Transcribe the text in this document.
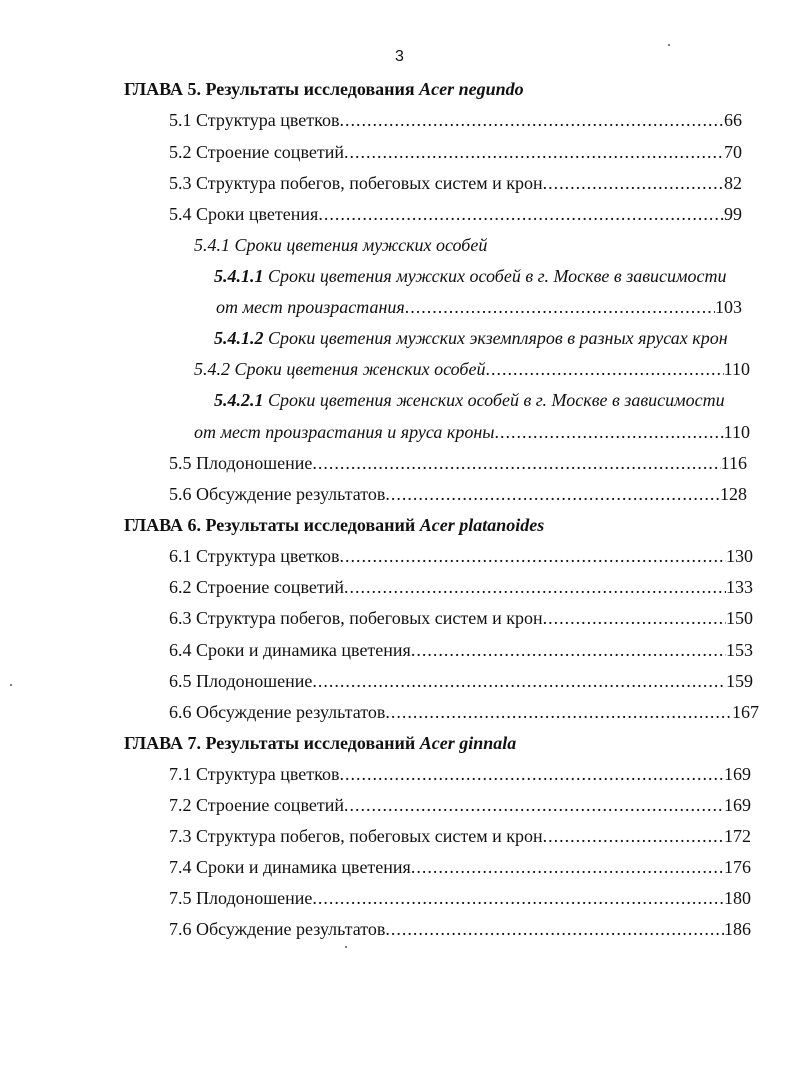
3
ГЛАВА 5. Результаты исследования Acer negundo
5.1 Структура цветков .....	66
5.2 Строение соцветий .....	70
5.3 Структура побегов, побеговых систем и крон .....	82
5.4 Сроки цветения .....	99
5.4.1 Сроки цветения мужских особей
5.4.1.1 Сроки цветения мужских особей в г. Москве в зависимости
от мест произрастания .....	103
5.4.1.2 Сроки цветения мужских экземпляров в разных ярусах крон
5.4.2 Сроки цветения женских особей .....	110
5.4.2.1 Сроки цветения женских особей в г. Москве в зависимости
от мест произрастания и яруса кроны .....	110
5.5 Плодоношение .....	116
5.6 Обсуждение результатов .....	128
ГЛАВА 6. Результаты исследований Acer platanoides
6.1 Структура цветков .....	130
6.2 Строение соцветий .....	133
6.3 Структура побегов, побеговых систем и крон .....	150
6.4 Сроки и динамика цветения .....	153
6.5 Плодоношение .....	159
6.6 Обсуждение результатов .....	167
ГЛАВА 7. Результаты исследований Acer ginnala
7.1 Структура цветков .....	169
7.2 Строение соцветий .....	169
7.3 Структура побегов, побеговых систем и крон .....	172
7.4 Сроки и динамика цветения .....	176
7.5 Плодоношение .....	180
7.6 Обсуждение результатов .....	186
